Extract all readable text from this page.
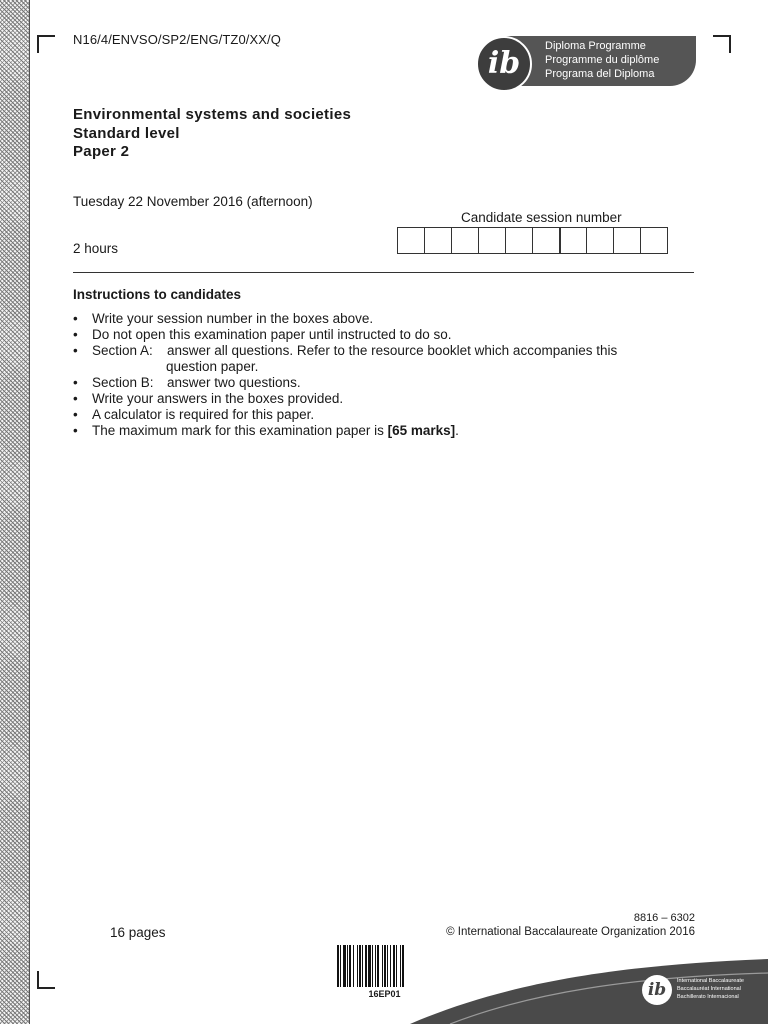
N16/4/ENVSO/SP2/ENG/TZ0/XX/Q
ib	Diploma Programme
Programme du diplôme
Programa del Diploma
Environmental systems and societies
Standard level
Paper 2
Tuesday 22 November 2016 (afternoon)
2 hours
Candidate session number
Instructions to candidates
• Write your session number in the boxes above.
• Do not open this examination paper until instructed to do so.
• Section A: answer all questions. Refer to the resource booklet which accompanies this
question paper.
• Section B: answer two questions.
• Write your answers in the boxes provided.
• A calculator is required for this paper.
• The maximum mark for this examination paper is [65 marks].
16 pages
8816 – 6302
© International Baccalaureate Organization 2016
16EP01	ib	International Baccalaureate
Baccalauréat International
Bachillerato Internacional
